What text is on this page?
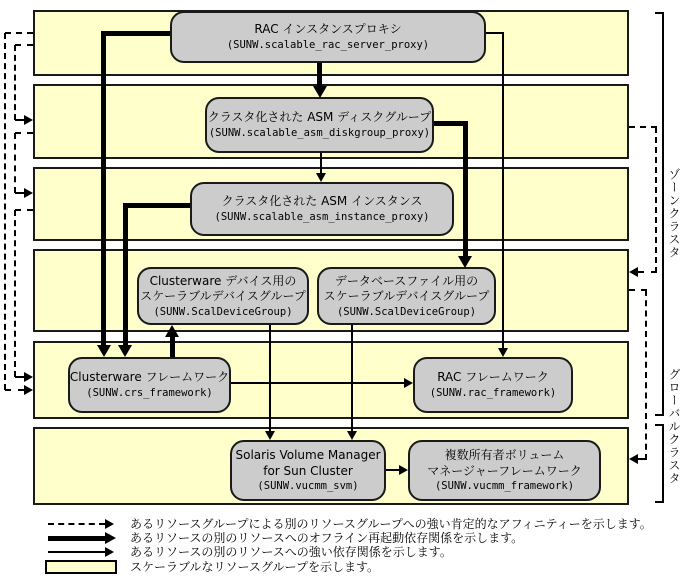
RAC インスタンスプロキシ
(SUNW.scalable_rac_server_proxy)
クラスタ化された ASM ディスクグループ
(SUNW.scalable_asm_diskgroup_proxy)
クラスタ化された ASM インスタンス
(SUNW.scalable_asm_instance_proxy)
Clusterware デバイス用の
スケーラブルデバイスグループ
(SUNW.ScalDeviceGroup)
データベースファイル用の
スケーラブルデバイスグループ
(SUNW.ScalDeviceGroup)
Clusterware フレームワーク
(SUNW.crs_framework)
RAC フレームワーク
(SUNW.rac_framework)
Solaris Volume Manager
for Sun Cluster
(SUNW.vucmm_svm)
複数所有者ボリューム
マネージャーフレームワーク
(SUNW.vucmm_framework)
ゾーンクラスタ
グローバルクラスタ
あるリソースグループによる別のリソースグループへの強い肯定的なアフィニティーを示します。
あるリソースの別のリソースへのオフライン再起動依存関係を示します。
あるリソースの別のリソースへの強い依存関係を示します。
スケーラブルなリソースグループを示します。
